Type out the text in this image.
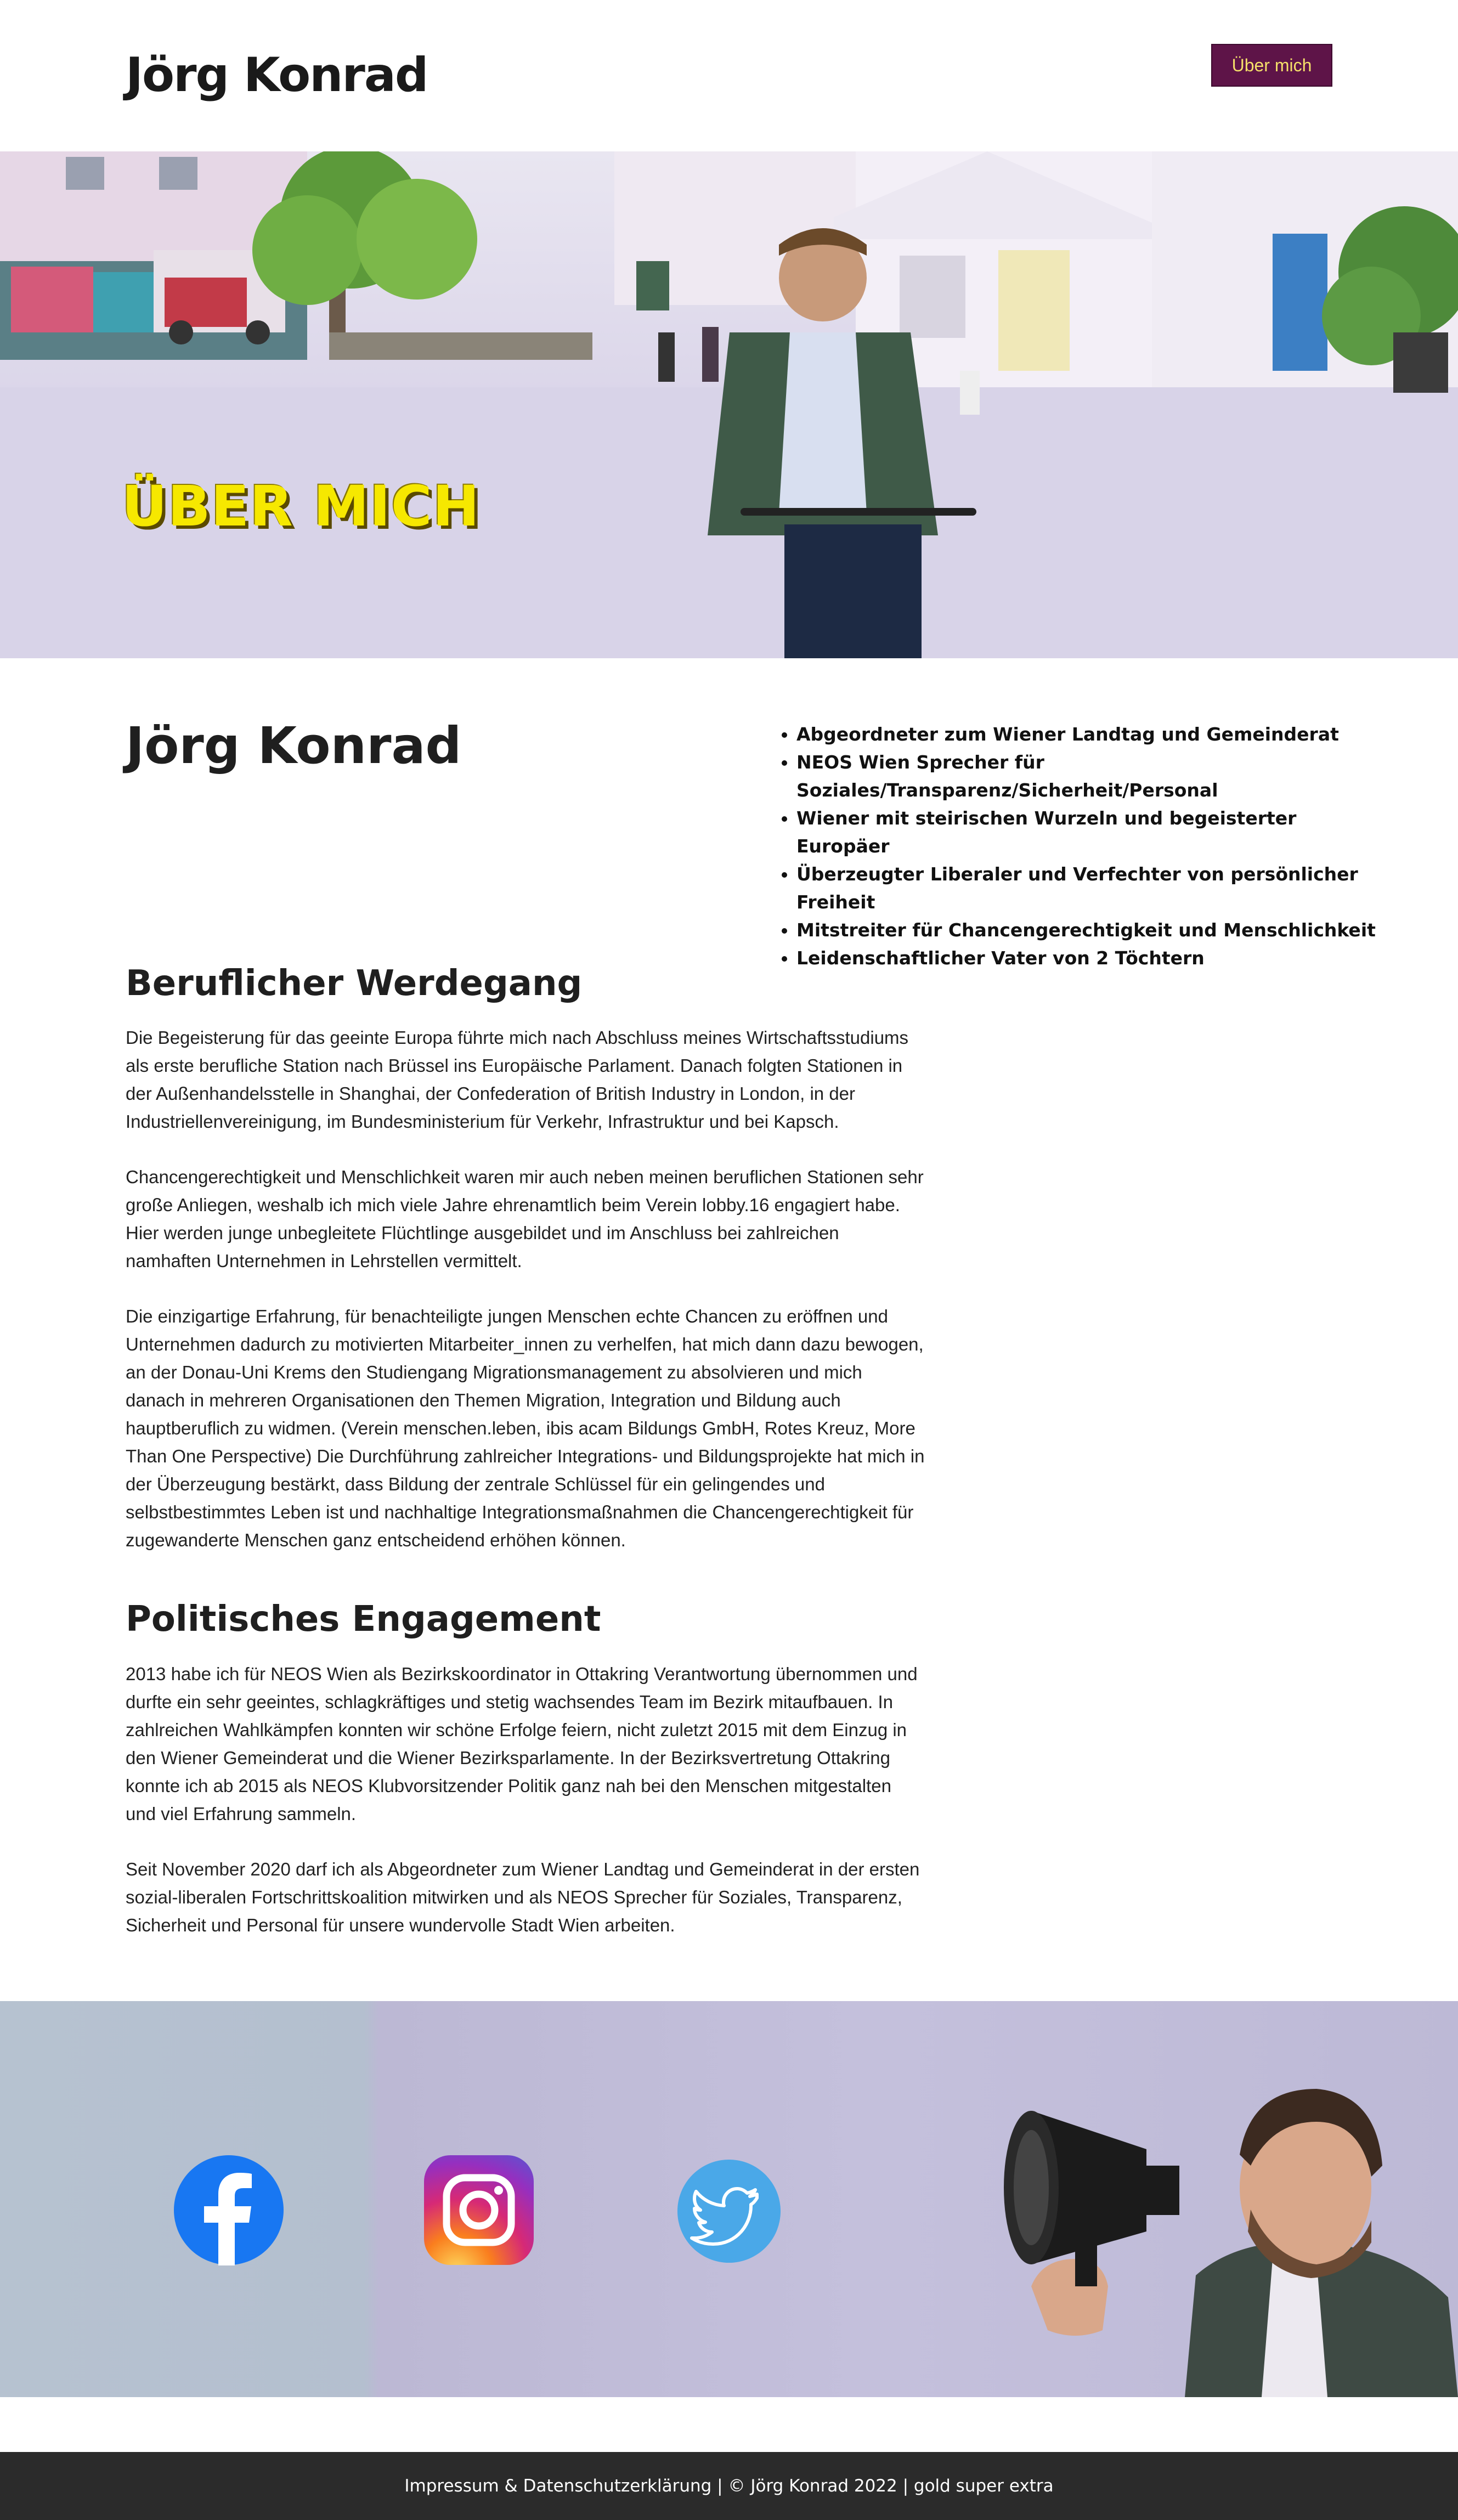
Jörg Konrad	Über mich
ÜBER MICH
Jörg Konrad
•	Abgeordneter zum Wiener Landtag und Gemeinderat
• NEOS Wien Sprecher für Soziales/Transparenz/Sicherheit/Personal
• Wiener mit steirischen Wurzeln und begeisterter Europäer
• Überzeugter Liberaler und Verfechter von persönlicher Freiheit
• Mitstreiter für Chancengerechtigkeit und Menschlichkeit
• Leidenschaftlicher Vater von 2 Töchtern
Beruflicher Werdegang

Die Begeisterung für das geeinte Europa führte mich nach Abschluss meines Wirtschaftsstudiums als erste berufliche Station nach Brüssel ins Europäische Parlament. Danach folgten Stationen in der Außenhandelsstelle in Shanghai, der Confederation of British Industry in London, in der Industriellenvereinigung, im Bundesministerium für Verkehr, Infrastruktur und bei Kapsch.

Chancengerechtigkeit und Menschlichkeit waren mir auch neben meinen beruflichen Stationen sehr große Anliegen, weshalb ich mich viele Jahre ehrenamtlich beim Verein lobby.16 engagiert habe. Hier werden junge unbegleitete Flüchtlinge ausgebildet und im Anschluss bei zahlreichen namhaften Unternehmen in Lehrstellen vermittelt.

Die einzigartige Erfahrung, für benachteiligte jungen Menschen echte Chancen zu eröffnen und Unternehmen dadurch zu motivierten Mitarbeiter_innen zu verhelfen, hat mich dann dazu bewogen, an der Donau-Uni Krems den Studiengang Migrationsmanagement zu absolvieren und mich danach in mehreren Organisationen den Themen Migration, Integration und Bildung auch hauptberuflich zu widmen. (Verein menschen.leben, ibis acam Bildungs GmbH, Rotes Kreuz, More Than One Perspective) Die Durchführung zahlreicher Integrations- und Bildungsprojekte hat mich in der Überzeugung bestärkt, dass Bildung der zentrale Schlüssel für ein gelingendes und selbstbestimmtes Leben ist und nachhaltige Integrationsmaßnahmen die Chancengerechtigkeit für zugewanderte Menschen ganz entscheidend erhöhen können.

Politisches Engagement

2013 habe ich für NEOS Wien als Bezirkskoordinator in Ottakring Verantwortung übernommen und durfte ein sehr geeintes, schlagkräftiges und stetig wachsendes Team im Bezirk mitaufbauen. In zahlreichen Wahlkämpfen konnten wir schöne Erfolge feiern, nicht zuletzt 2015 mit dem Einzug in den Wiener Gemeinderat und die Wiener Bezirksparlamente. In der Bezirksvertretung Ottakring konnte ich ab 2015 als NEOS Klubvorsitzender Politik ganz nah bei den Menschen mitgestalten und viel Erfahrung sammeln.

Seit November 2020 darf ich als Abgeordneter zum Wiener Landtag und Gemeinderat in der ersten sozial-liberalen Fortschrittskoalition mitwirken und als NEOS Sprecher für Soziales, Transparenz, Sicherheit und Personal für unsere wundervolle Stadt Wien arbeiten.

Impressum & Datenschutzerklärung | © Jörg Konrad 2022 | gold super extra
